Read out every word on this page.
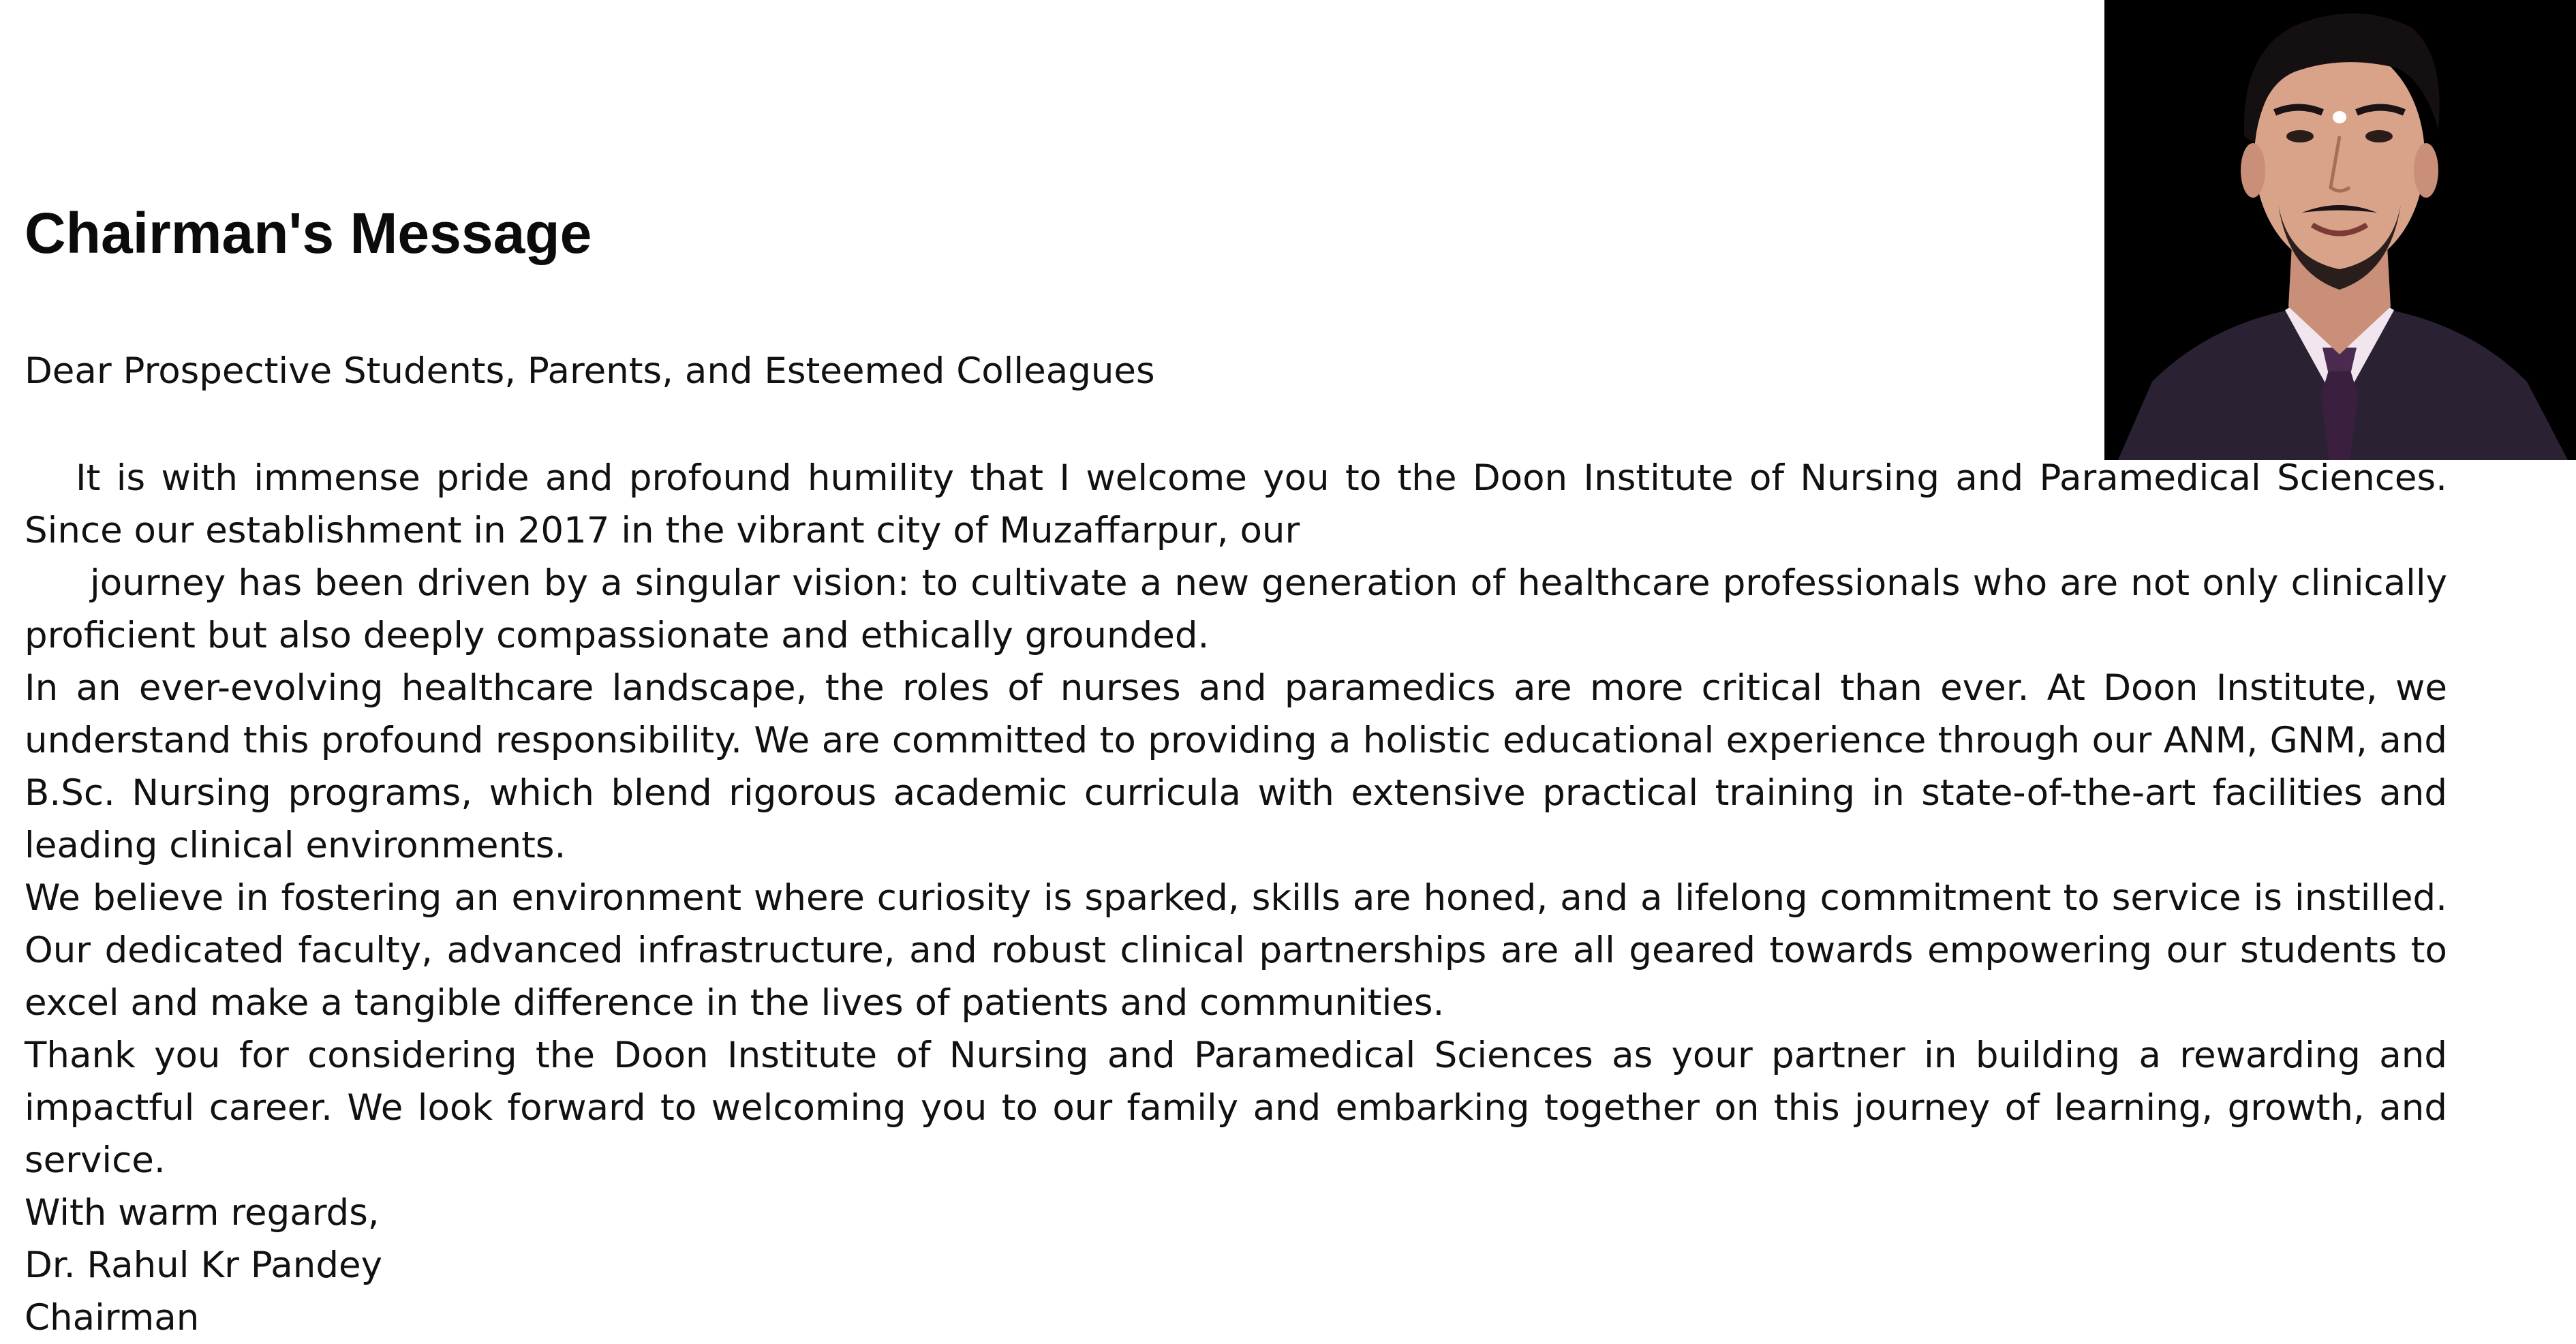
Chairman's Message

Dear Prospective Students, Parents, and Esteemed Colleagues

It is with immense pride and profound humility that I welcome you to the Doon Institute of Nursing and Paramedical Sciences. Since our establishment in 2017 in the vibrant city of Muzaffarpur, our

journey has been driven by a singular vision: to cultivate a new generation of healthcare professionals who are not only clinically proficient but also deeply compassionate and ethically grounded.

In an ever-evolving healthcare landscape, the roles of nurses and paramedics are more critical than ever. At Doon Institute, we understand this profound responsibility. We are committed to providing a holistic educational experience through our ANM, GNM, and B.Sc. Nursing programs, which blend rigorous academic curricula with extensive practical training in state-of-the-art facilities and leading clinical environments.

We believe in fostering an environment where curiosity is sparked, skills are honed, and a lifelong commitment to service is instilled. Our dedicated faculty, advanced infrastructure, and robust clinical partnerships are all geared towards empowering our students to excel and make a tangible difference in the lives of patients and communities.

Thank you for considering the Doon Institute of Nursing and Paramedical Sciences as your partner in building a rewarding and impactful career. We look forward to welcoming you to our family and embarking together on this journey of learning, growth, and service.

With warm regards,

Dr. Rahul Kr Pandey

Chairman
